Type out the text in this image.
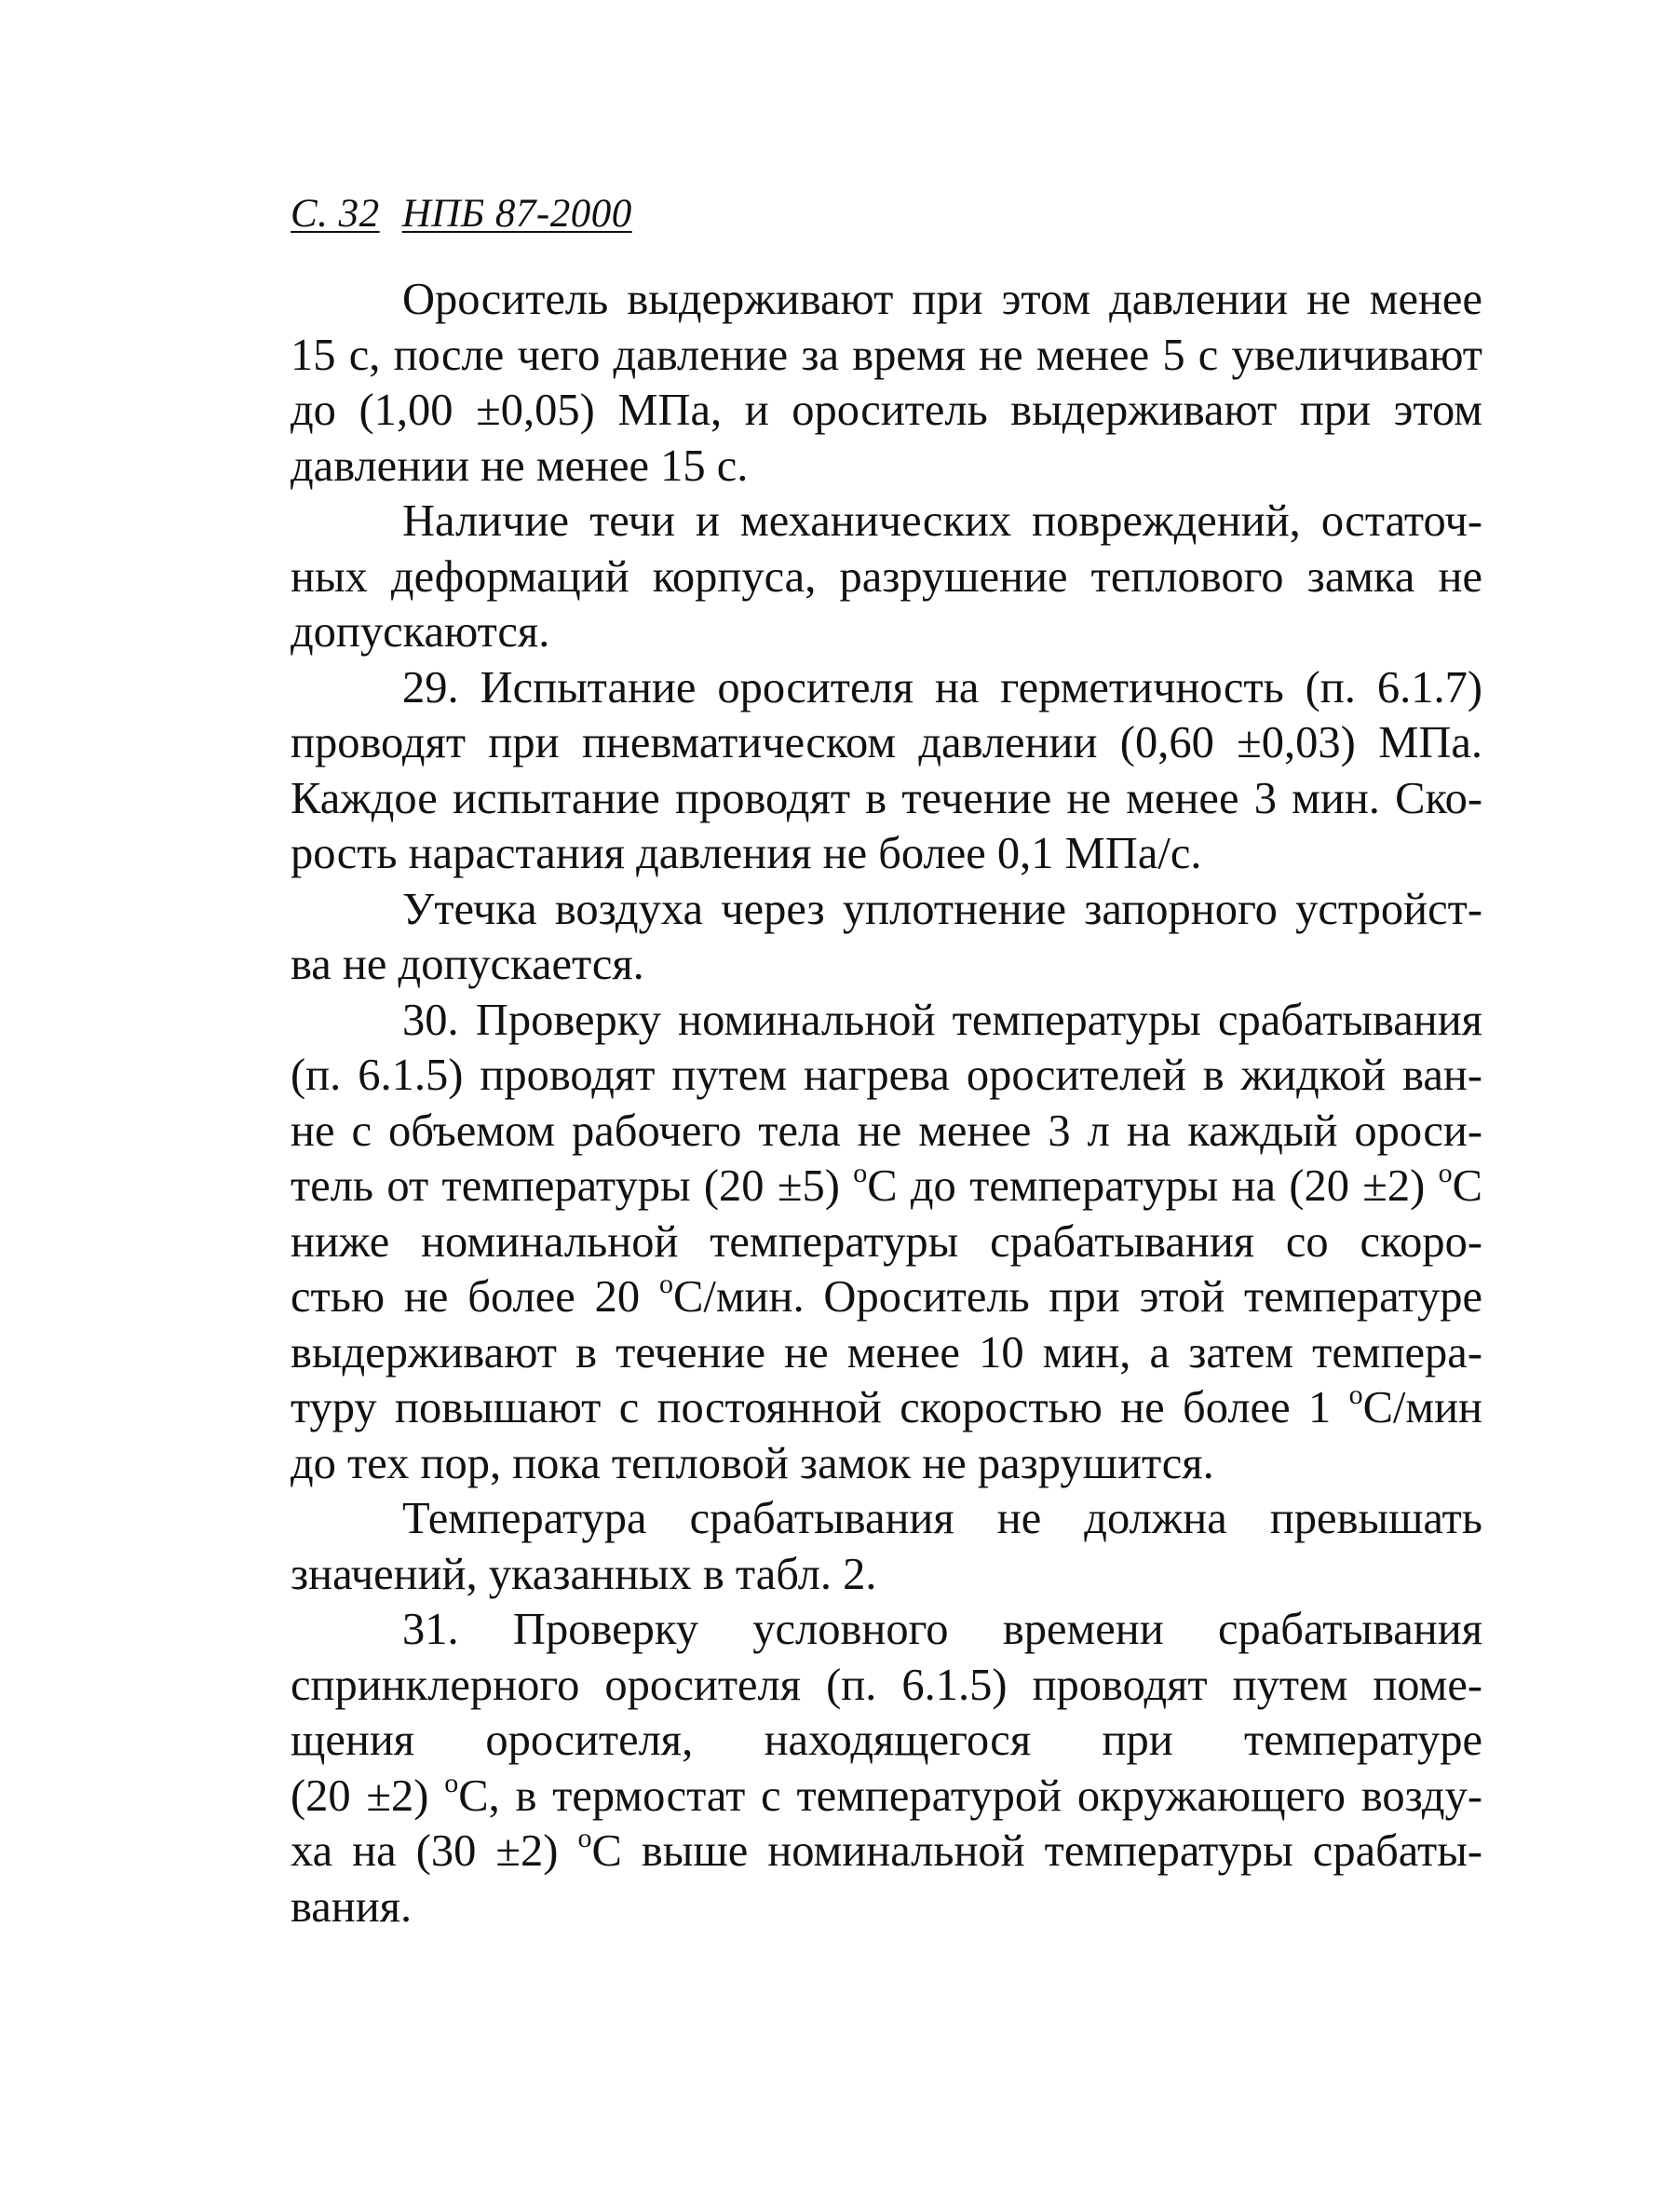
С. 32 НПБ 87-2000
Ороситель выдерживают при этом давлении не менее
15 с, после чего давление за время не менее 5 с увеличивают
до (1,00 ±0,05) МПа, и ороситель выдерживают при этом
давлении не менее 15 с.
Наличие течи и механических повреждений, остаточ-
ных деформаций корпуса, разрушение теплового замка не
допускаются.
29. Испытание оросителя на герметичность (п. 6.1.7)
проводят при пневматическом давлении (0,60 ±0,03) МПа.
Каждое испытание проводят в течение не менее 3 мин. Ско-
рость нарастания давления не более 0,1 МПа/с.
Утечка воздуха через уплотнение запорного устройст-
ва не допускается.
30. Проверку номинальной температуры срабатывания
(п. 6.1.5) проводят путем нагрева оросителей в жидкой ван-
не с объемом рабочего тела не менее 3 л на каждый ороси-
тель от температуры (20 ±5) $^o$С до температуры на (20 ±2) $^o$С
ниже номинальной температуры срабатывания со скоро-
стью не более 20 $^o$С/мин. Ороситель при этой температуре
выдерживают в течение не менее 10 мин, а затем темпера-
туру повышают с постоянной скоростью не более 1 $^o$С/мин
до тех пор, пока тепловой замок не разрушится.
Температура срабатывания не должна превышать
значений, указанных в табл. 2.
31. Проверку условного времени срабатывания
спринклерного оросителя (п. 6.1.5) проводят путем поме-
щения оросителя, находящегося при температуре
(20 ±2) $^o$С, в термостат с температурой окружающего возду-
ха на (30 ±2) $^o$С выше номинальной температуры срабаты-
вания.
